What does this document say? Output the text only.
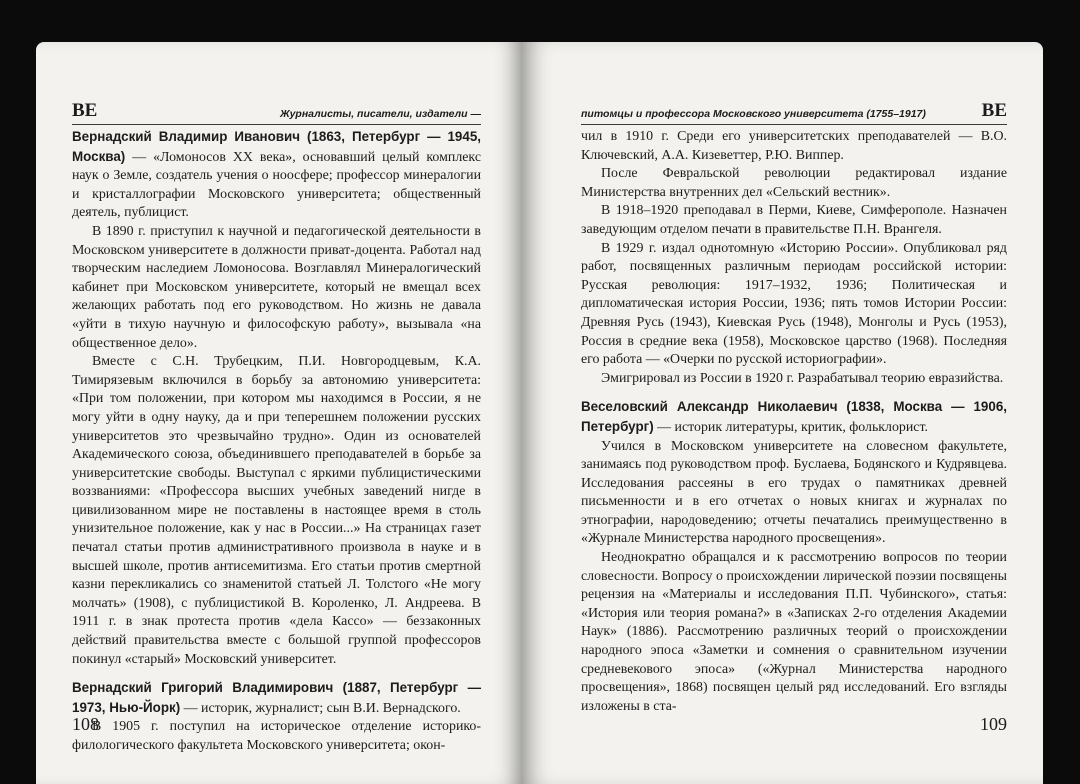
ВЕ	Журналисты, писатели, издатели —

Вернадский Владимир Иванович (1863, Петербург — 1945, Москва) — «Ломоносов XX века», основавший целый комплекс наук о Земле, создатель учения о ноосфере; профессор минералогии и кристаллографии Московского университета; общественный деятель, публицист.

В 1890 г. приступил к научной и педагогической деятельности в Московском университете в должности приват-доцента. Работал над творческим наследием Ломоносова. Возглавлял Минералогический кабинет при Московском университете, который не вмещал всех желающих работать под его руководством. Но жизнь не давала «уйти в тихую научную и философскую работу», вызывала «на общественное дело».

Вместе с С.Н. Трубецким, П.И. Новгородцевым, К.А. Тимирязевым включился в борьбу за автономию университета: «При том положении, при котором мы находимся в России, я не могу уйти в одну науку, да и при теперешнем положении русских университетов это чрезвычайно трудно». Один из основателей Академического союза, объединившего преподавателей в борьбе за университетские свободы. Выступал с яркими публицистическими воззваниями: «Профессора высших учебных заведений нигде в цивилизованном мире не поставлены в настоящее время в столь унизительное положение, как у нас в России...» На страницах газет печатал статьи против административного произвола в науке и в высшей школе, против антисемитизма. Его статьи против смертной казни перекликались со знаменитой статьей Л. Толстого «Не могу молчать» (1908), с публицистикой В. Короленко, Л. Андреева. В 1911 г. в знак протеста против «дела Кассо» — беззаконных действий правительства вместе с большой группой профессоров покинул «старый» Московский университет.

Вернадский Григорий Владимирович (1887, Петербург — 1973, Нью-Йорк) — историк, журналист; сын В.И. Вернадского.

В 1905 г. поступил на историческое отделение историко-филологического факультета Московского университета; окон-

108
питомцы и профессора Московского университета (1755–1917)	ВЕ

чил в 1910 г. Среди его университетских преподавателей — В.О. Ключевский, А.А. Кизеветтер, Р.Ю. Виппер.

После Февральской революции редактировал издание Министерства внутренних дел «Сельский вестник».

В 1918–1920 преподавал в Перми, Киеве, Симферополе. Назначен заведующим отделом печати в правительстве П.Н. Врангеля.

В 1929 г. издал однотомную «Историю России». Опубликовал ряд работ, посвященных различным периодам российской истории: Русская революция: 1917–1932, 1936; Политическая и дипломатическая история России, 1936; пять томов Истории России: Древняя Русь (1943), Киевская Русь (1948), Монголы и Русь (1953), Россия в средние века (1958), Московское царство (1968). Последняя его работа — «Очерки по русской историографии».

Эмигрировал из России в 1920 г. Разрабатывал теорию евразийства.

Веселовский Александр Николаевич (1838, Москва — 1906, Петербург) — историк литературы, критик, фольклорист.

Учился в Московском университете на словесном факультете, занимаясь под руководством проф. Буслаева, Бодянского и Кудрявцева. Исследования рассеяны в его трудах о памятниках древней письменности и в его отчетах о новых книгах и журналах по этнографии, народоведению; отчеты печатались преимущественно в «Журнале Министерства народного просвещения».

Неоднократно обращался и к рассмотрению вопросов по теории словесности. Вопросу о происхождении лирической поэзии посвящены рецензия на «Материалы и исследования П.П. Чубинского», статья: «История или теория романа?» в «Записках 2-го отделения Академии Наук» (1886). Рассмотрению различных теорий о происхождении народного эпоса «Заметки и сомнения о сравнительном изучении средневекового эпоса» («Журнал Министерства народного просвещения», 1868) посвящен целый ряд исследований. Его взгляды изложены в ста-

109
